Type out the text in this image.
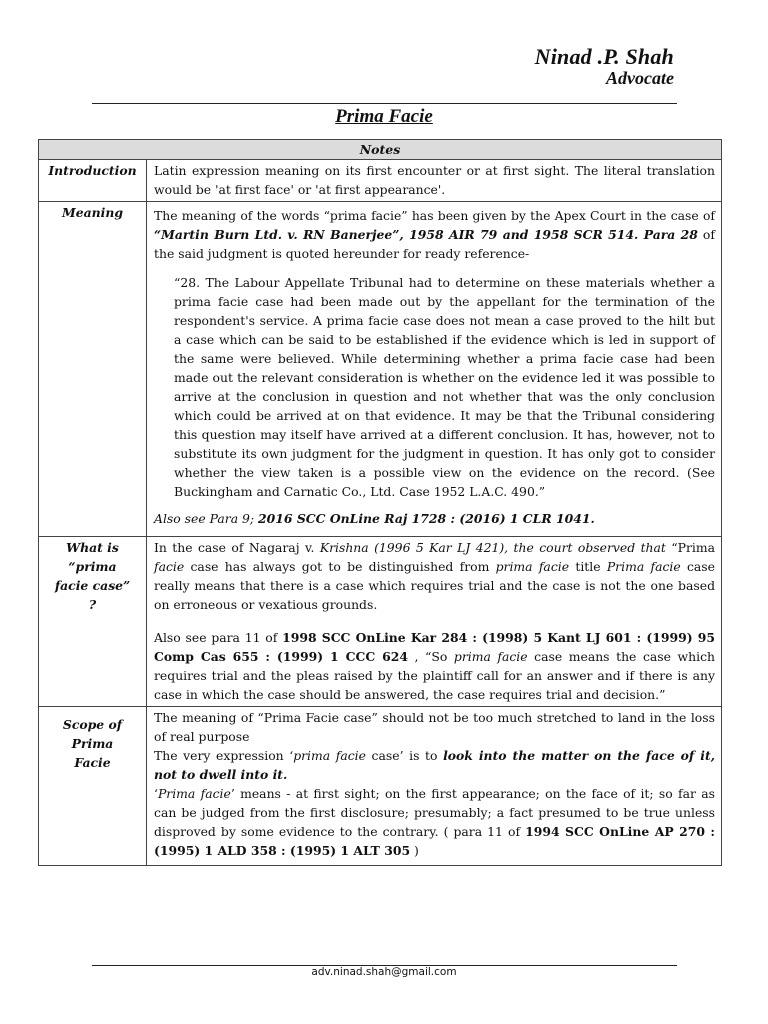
Ninad .P. Shah
Advocate
Prima Facie
Notes	
Introduction	Latin expression meaning on its first encounter or at first sight. The literal translation would be 'at first face' or 'at first appearance'.

Meaning	The meaning of the words “prima facie” has been given by the Apex Court in the case of “Martin Burn Ltd. v. RN Banerjee”, 1958 AIR 79 and 1958 SCR 514. Para 28 of the said judgment is quoted hereunder for ready reference-

“28. The Labour Appellate Tribunal had to determine on these materials whether a prima facie case had been made out by the appellant for the termination of the respondent's service. A prima facie case does not mean a case proved to the hilt but a case which can be said to be established if the evidence which is led in support of the same were believed. While determining whether a prima facie case had been made out the relevant consideration is whether on the evidence led it was possible to arrive at the conclusion in question and not whether that was the only conclusion which could be arrived at on that evidence. It may be that the Tribunal considering this question may itself have arrived at a different conclusion. It has, however, not to substitute its own judgment for the judgment in question. It has only got to consider whether the view taken is a possible view on the evidence on the record. (See Buckingham and Carnatic Co., Ltd. Case 1952 L.A.C. 490.”

Also see Para 9; 2016 SCC OnLine Raj 1728 : (2016) 1 CLR 1041.

What is “prima facie case” ?	In the case of Nagaraj v. Krishna (1996 5 Kar LJ 421), the court observed that “Prima facie case has always got to be distinguished from prima facie title Prima facie case really means that there is a case which requires trial and the case is not the one based on erroneous or vexatious grounds.

Also see para 11 of 1998 SCC OnLine Kar 284 : (1998) 5 Kant LJ 601 : (1999) 95 Comp Cas 655 : (1999) 1 CCC 624 , “So prima facie case means the case which requires trial and the pleas raised by the plaintiff call for an answer and if there is any case in which the case should be answered, the case requires trial and decision.”

Scope of Prima Facie	The meaning of “Prima Facie case” should not be too much stretched to land in the loss of real purpose

The very expression ‘prima facie case’ is to look into the matter on the face of it, not to dwell into it.

‘Prima facie’ means - at first sight; on the first appearance; on the face of it; so far as can be judged from the first disclosure; presumably; a fact presumed to be true unless disproved by some evidence to the contrary. ( para 11 of 1994 SCC OnLine AP 270 : (1995) 1 ALD 358 : (1995) 1 ALT 305 )

adv.ninad.shah@gmail.com
